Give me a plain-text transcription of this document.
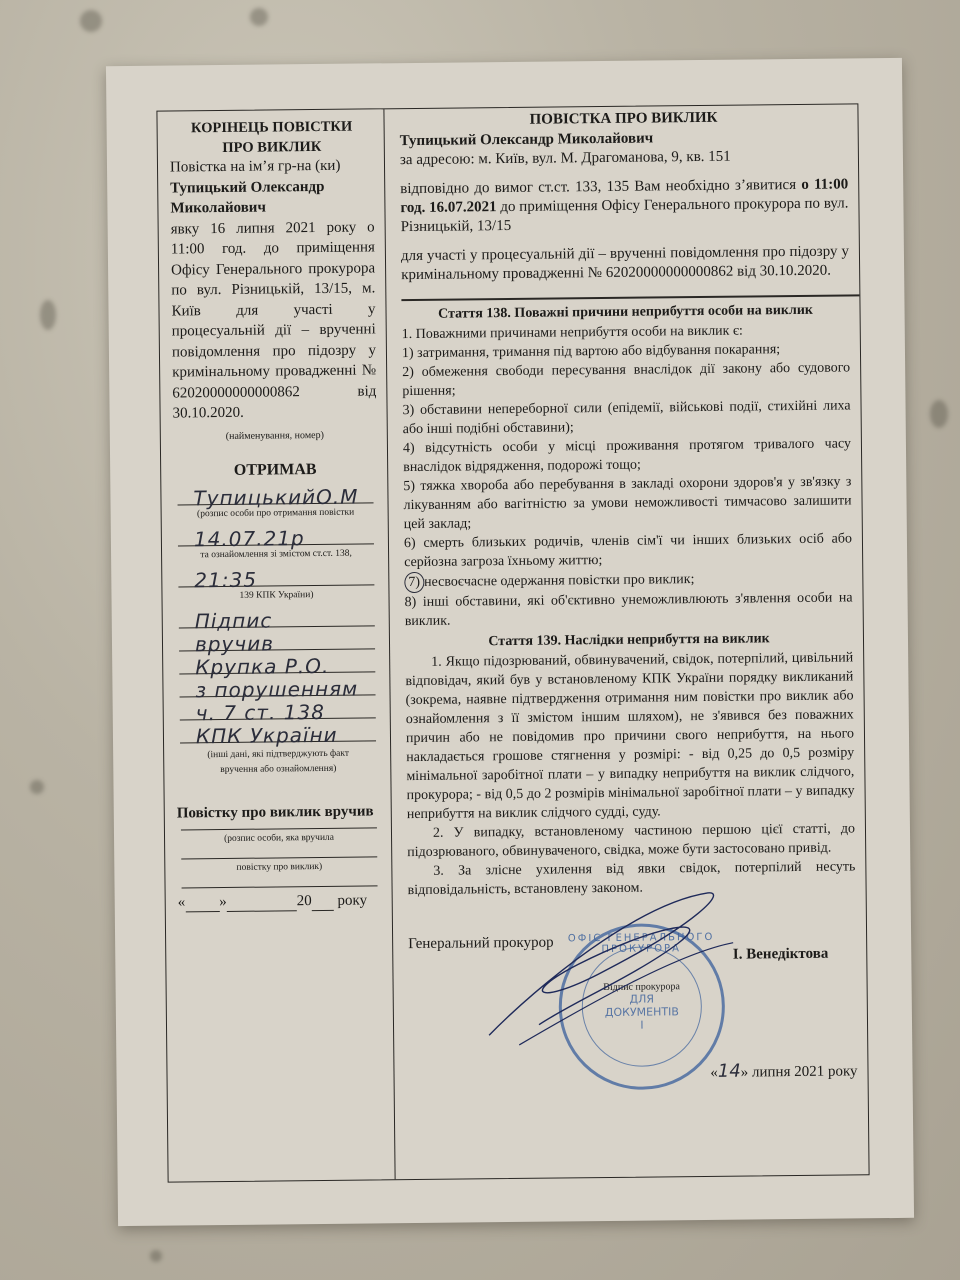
КОРІНЕЦЬ ПОВІСТКИ
ПРО ВИКЛИК
Повістка на ім’я гр-на (ки)
Тупицький Олександр Миколайович
явку 16 липня 2021 року о 11:00 год. до приміщення Офісу Генерального прокурора по вул. Різницькій, 13/15, м. Київ для участі у процесуальній дії – врученні повідомлення про підозру у кримінальному провадженні № 62020000000000862 від 30.10.2020.
(найменування, номер)
ОТРИМАВ
ТупицькийО.М
(розпис особи про отримання повістки
14.07.21р
та ознайомлення зі змістом ст.ст. 138,
21:35
139 КПК України)
Підпис
вручив
Крупка Р.О.
з порушенням
ч. 7 ст. 138
КПК України
(інші дані, які підтверджують факт
вручення або ознайомлення)
Повістку про виклик вручив
(розпис особи, яка вручила
повістку про виклик)
« »	20 року
ПОВІСТКА ПРО ВИКЛИК
Тупицький Олександр Миколайович
за адресою: м. Київ, вул. М. Драгоманова, 9, кв. 151
відповідно до вимог ст.ст. 133, 135 Вам необхідно з’явитися о 11:00 год. 16.07.2021 до приміщення Офісу Генерального прокурора по вул. Різницькій, 13/15
для участі у процесуальній дії – врученні повідомлення про підозру у кримінальному провадженні № 62020000000000862 від 30.10.2020.
Стаття 138. Поважні причини неприбуття особи на виклик
1. Поважними причинами неприбуття особи на виклик є:
1) затримання, тримання під вартою або відбування покарання;
2) обмеження свободи пересування внаслідок дії закону або судового рішення;
3) обставини непереборної сили (епідемії, військові події, стихійні лиха або інші подібні обставини);
4) відсутність особи у місці проживання протягом тривалого часу внаслідок відрядження, подорожі тощо;
5) тяжка хвороба або перебування в закладі охорони здоров'я у зв'язку з лікуванням або вагітністю за умови неможливості тимчасово залишити цей заклад;
6) смерть близьких родичів, членів сім'ї чи інших близьких осіб або серйозна загроза їхньому життю;
7) несвоєчасне одержання повістки про виклик;
8) інші обставини, які об'єктивно унеможливлюють з'явлення особи на виклик.
Стаття 139. Наслідки неприбуття на виклик
1. Якщо підозрюваний, обвинувачений, свідок, потерпілий, цивільний відповідач, який був у встановленому КПК України порядку викликаний (зокрема, наявне підтвердження отримання ним повістки про виклик або ознайомлення з її змістом іншим шляхом), не з'явився без поважних причин або не повідомив про причини свого неприбуття, на нього накладається грошове стягнення у розмірі: - від 0,25 до 0,5 розміру мінімальної заробітної плати – у випадку неприбуття на виклик слідчого, прокурора; - від 0,5 до 2 розмірів мінімальної заробітної плати – у випадку неприбуття на виклик слідчого судді, суду.
2. У випадку, встановленому частиною першою цієї статті, до підозрюваного, обвинуваченого, свідка, може бути застосовано привід.
3. За злісне ухилення від явки свідок, потерпілий несуть відповідальність, встановлену законом.
Генеральний прокурор	ОФІС ГЕНЕРАЛЬНОГО ПРОКУРОРА
Відпис прокурора
ДЛЯ
ДОКУМЕНТІВ
І
І. Венедіктова
«14» липня 2021 року
